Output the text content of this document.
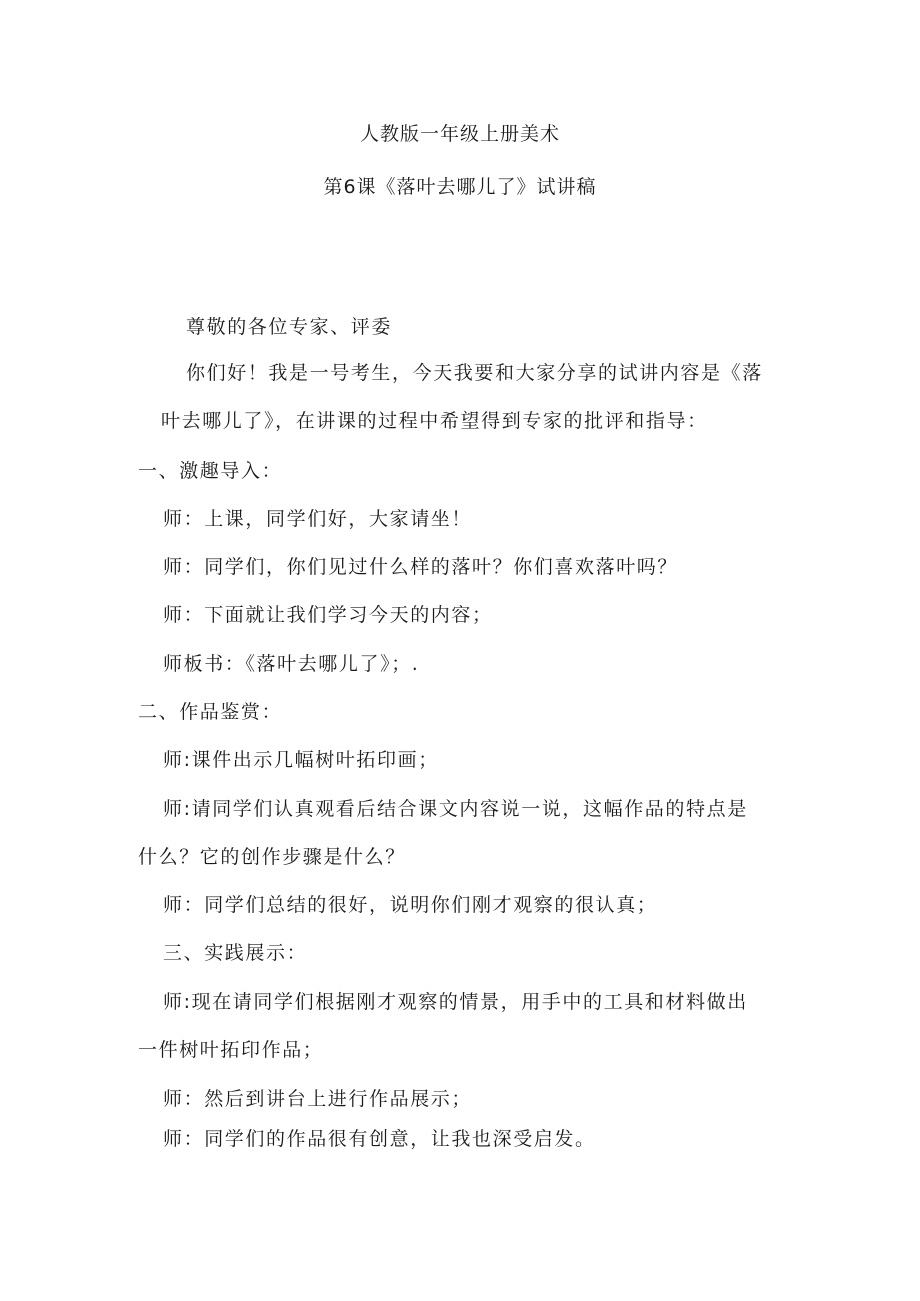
人教版一年级上册美术
第6课《落叶去哪儿了》试讲稿
尊敬的各位专家、评委
你们好！我是一号考生，今天我要和大家分享的试讲内容是《落
叶去哪儿了》，在讲课的过程中希望得到专家的批评和指导：
一、激趣导入：
师：上课，同学们好，大家请坐！
师：同学们，你们见过什么样的落叶？你们喜欢落叶吗？
师：下面就让我们学习今天的内容；
师板书：《落叶去哪儿了》；.
二、作品鉴赏：
师:课件出示几幅树叶拓印画；
师:请同学们认真观看后结合课文内容说一说，这幅作品的特点是
什么？它的创作步骤是什么？
师：同学们总结的很好，说明你们刚才观察的很认真；
三、实践展示：
师:现在请同学们根据刚才观察的情景，用手中的工具和材料做出
一件树叶拓印作品；
师：然后到讲台上进行作品展示；
师：同学们的作品很有创意，让我也深受启发。
